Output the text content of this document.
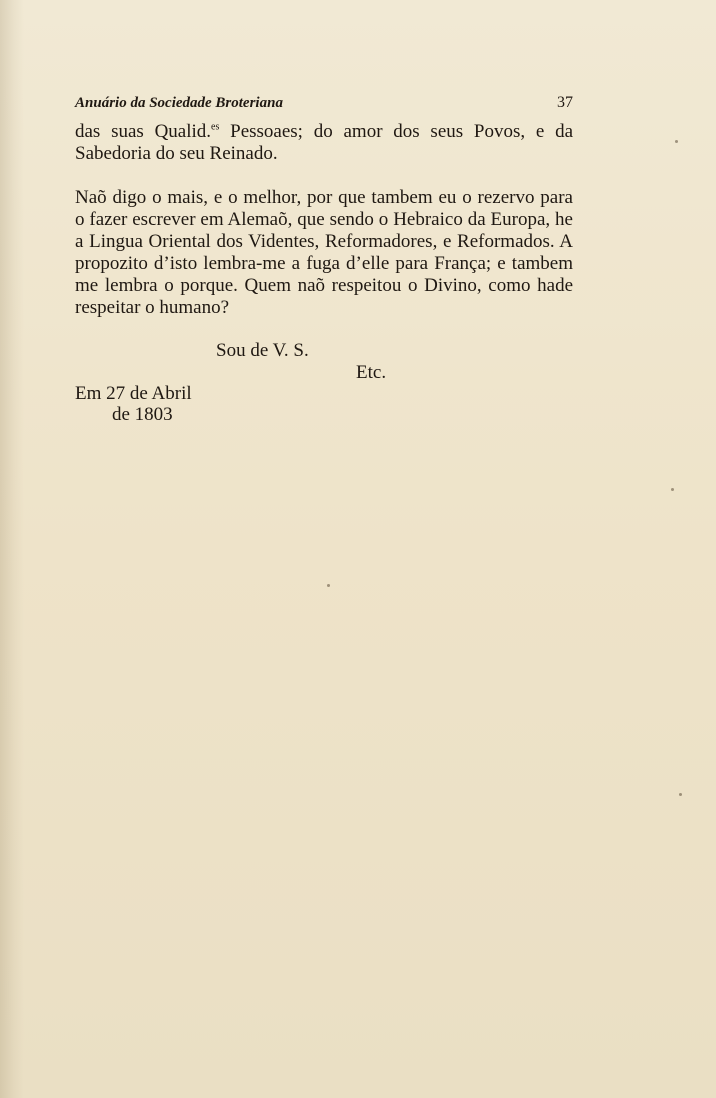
Anuário da Sociedade Broteriana	37

das suas Qualid.$^{es}$ Pessoaes; do amor dos seus Povos, e da Sabedoria do seu Reinado.

Naõ digo o mais, e o melhor, por que tambem eu o rezervo para o fazer escrever em Alemaõ, que sendo o Hebraico da Europa, he a Lingua Oriental dos Videntes, Reformadores, e Reformados. A propozito d’isto lembra-me a fuga d’elle para França; e tambem me lembra o porque. Quem naõ respeitou o Divino, como hade respeitar o humano?

Sou de V. S.
Etc.
Em 27 de Abril
de 1803
